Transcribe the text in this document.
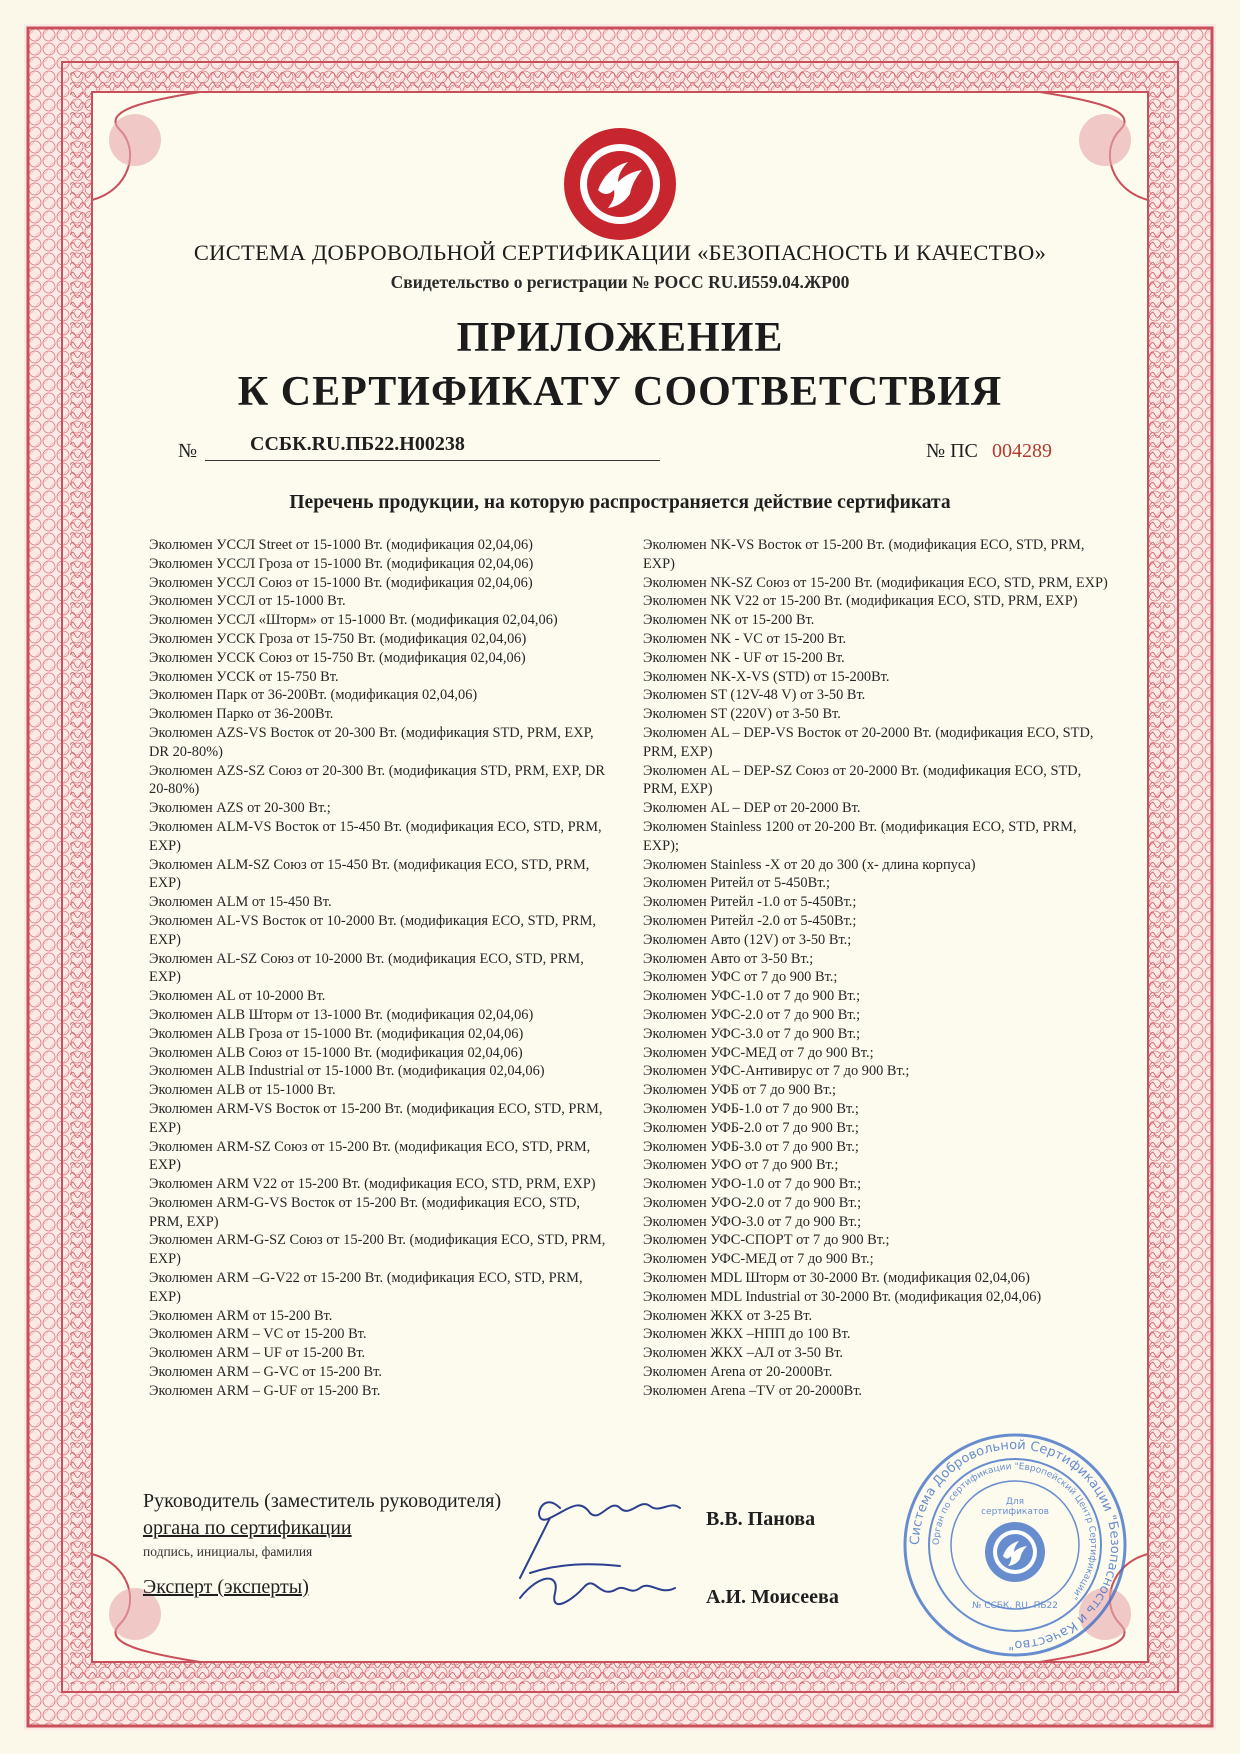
СИСТЕМА ДОБРОВОЛЬНОЙ СЕРТИФИКАЦИИ «БЕЗОПАСНОСТЬ И КАЧЕСТВО»
Свидетельство о регистрации № РОСС RU.И559.04.ЖР00
ПРИЛОЖЕНИЕ
К СЕРТИФИКАТУ СООТВЕТСТВИЯ
№	ССБК.RU.ПБ22.Н00238	№ ПС 004289
Перечень продукции, на которую распространяется действие сертификата
Эколюмен УССЛ Street от 15-1000 Вт. (модификация 02,04,06)
Эколюмен УССЛ Гроза от 15-1000 Вт. (модификация 02,04,06)
Эколюмен УССЛ Союз от 15-1000 Вт. (модификация 02,04,06)
Эколюмен УССЛ от 15-1000 Вт.
Эколюмен УССЛ «Шторм» от 15-1000 Вт. (модификация 02,04,06)
Эколюмен УССК Гроза от 15-750 Вт. (модификация 02,04,06)
Эколюмен УССК Союз от 15-750 Вт. (модификация 02,04,06)
Эколюмен УССК от 15-750 Вт.
Эколюмен Парк от 36-200Вт. (модификация 02,04,06)
Эколюмен Парко от 36-200Вт.
Эколюмен AZS-VS Восток от 20-300 Вт. (модификация STD, PRM, EXP, DR 20-80%)
Эколюмен AZS-SZ Союз от 20-300 Вт. (модификация STD, PRM, EXP, DR 20-80%)
Эколюмен AZS от 20-300 Вт.;
Эколюмен ALM-VS Восток от 15-450 Вт. (модификация ECO, STD, PRM, EXP)
Эколюмен ALM-SZ Союз от 15-450 Вт. (модификация ECO, STD, PRM, EXP)
Эколюмен ALM от 15-450 Вт.
Эколюмен AL-VS Восток от 10-2000 Вт. (модификация ECO, STD, PRM, EXP)
Эколюмен AL-SZ Союз от 10-2000 Вт. (модификация ECO, STD, PRM, EXP)
Эколюмен AL от 10-2000 Вт.
Эколюмен ALB Шторм от 13-1000 Вт. (модификация 02,04,06)
Эколюмен ALB Гроза от 15-1000 Вт. (модификация 02,04,06)
Эколюмен ALB Союз от 15-1000 Вт. (модификация 02,04,06)
Эколюмен ALB Industrial от 15-1000 Вт. (модификация 02,04,06)
Эколюмен ALB от 15-1000 Вт.
Эколюмен ARM-VS Восток от 15-200 Вт. (модификация ECO, STD, PRM, EXP)
Эколюмен ARM-SZ Союз от 15-200 Вт. (модификация ECO, STD, PRM, EXP)
Эколюмен ARM V22 от 15-200 Вт. (модификация ECO, STD, PRM, EXP)
Эколюмен ARM-G-VS Восток от 15-200 Вт. (модификация ECO, STD, PRM, EXP)
Эколюмен ARM-G-SZ Союз от 15-200 Вт. (модификация ECO, STD, PRM, EXP)
Эколюмен ARM –G-V22 от 15-200 Вт. (модификация ECO, STD, PRM, EXP)
Эколюмен ARM от 15-200 Вт.
Эколюмен ARM – VC от 15-200 Вт.
Эколюмен ARM – UF от 15-200 Вт.
Эколюмен ARM – G-VC от 15-200 Вт.
Эколюмен ARM – G-UF от 15-200 Вт.
Эколюмен NK-VS Восток от 15-200 Вт. (модификация ECO, STD, PRM, EXP)
Эколюмен NK-SZ Союз от 15-200 Вт. (модификация ECO, STD, PRM, EXP)
Эколюмен NK V22 от 15-200 Вт. (модификация ECO, STD, PRM, EXP)
Эколюмен NK от 15-200 Вт.
Эколюмен NK - VC от 15-200 Вт.
Эколюмен NK - UF от 15-200 Вт.
Эколюмен NK-X-VS (STD) от 15-200Вт.
Эколюмен ST (12V-48 V) от 3-50 Вт.
Эколюмен ST (220V) от 3-50 Вт.
Эколюмен AL – DEP-VS Восток от 20-2000 Вт. (модификация ECO, STD, PRM, EXP)
Эколюмен AL – DEP-SZ Союз от 20-2000 Вт. (модификация ECO, STD, PRM, EXP)
Эколюмен AL – DEP от 20-2000 Вт.
Эколюмен Stainless 1200 от 20-200 Вт. (модификация ECO, STD, PRM, EXP);
Эколюмен Stainless -X от 20 до 300 (х- длина корпуса)
Эколюмен Ритейл от 5-450Вт.;
Эколюмен Ритейл -1.0 от 5-450Вт.;
Эколюмен Ритейл -2.0 от 5-450Вт.;
Эколюмен Авто (12V) от 3-50 Вт.;
Эколюмен Авто от 3-50 Вт.;
Эколюмен УФС от 7 до 900 Вт.;
Эколюмен УФС-1.0 от 7 до 900 Вт.;
Эколюмен УФС-2.0 от 7 до 900 Вт.;
Эколюмен УФС-3.0 от 7 до 900 Вт.;
Эколюмен УФС-МЕД от 7 до 900 Вт.;
Эколюмен УФС-Антивирус от 7 до 900 Вт.;
Эколюмен УФБ от 7 до 900 Вт.;
Эколюмен УФБ-1.0 от 7 до 900 Вт.;
Эколюмен УФБ-2.0 от 7 до 900 Вт.;
Эколюмен УФБ-3.0 от 7 до 900 Вт.;
Эколюмен УФО от 7 до 900 Вт.;
Эколюмен УФО-1.0 от 7 до 900 Вт.;
Эколюмен УФО-2.0 от 7 до 900 Вт.;
Эколюмен УФО-3.0 от 7 до 900 Вт.;
Эколюмен УФС-СПОРТ от 7 до 900 Вт.;
Эколюмен УФС-МЕД от 7 до 900 Вт.;
Эколюмен MDL Шторм от 30-2000 Вт. (модификация 02,04,06)
Эколюмен MDL Industrial от 30-2000 Вт. (модификация 02,04,06)
Эколюмен ЖКХ от 3-25 Вт.
Эколюмен ЖКХ –НПП до 100 Вт.
Эколюмен ЖКХ –АЛ от 3-50 Вт.
Эколюмен Arena от 20-2000Вт.
Эколюмен Arena –TV от 20-2000Вт.
Руководитель (заместитель руководителя)
органа по сертификации
подпись, инициалы, фамилия
Эксперт (эксперты)
В.В. Панова
А.И. Моисеева
Система Добровольной Сертификации "Безопасность и Качество"
Орган по сертификации "Европейский Центр Сертификации"
Для
сертификатов
№ ССБК. RU. ПБ22
